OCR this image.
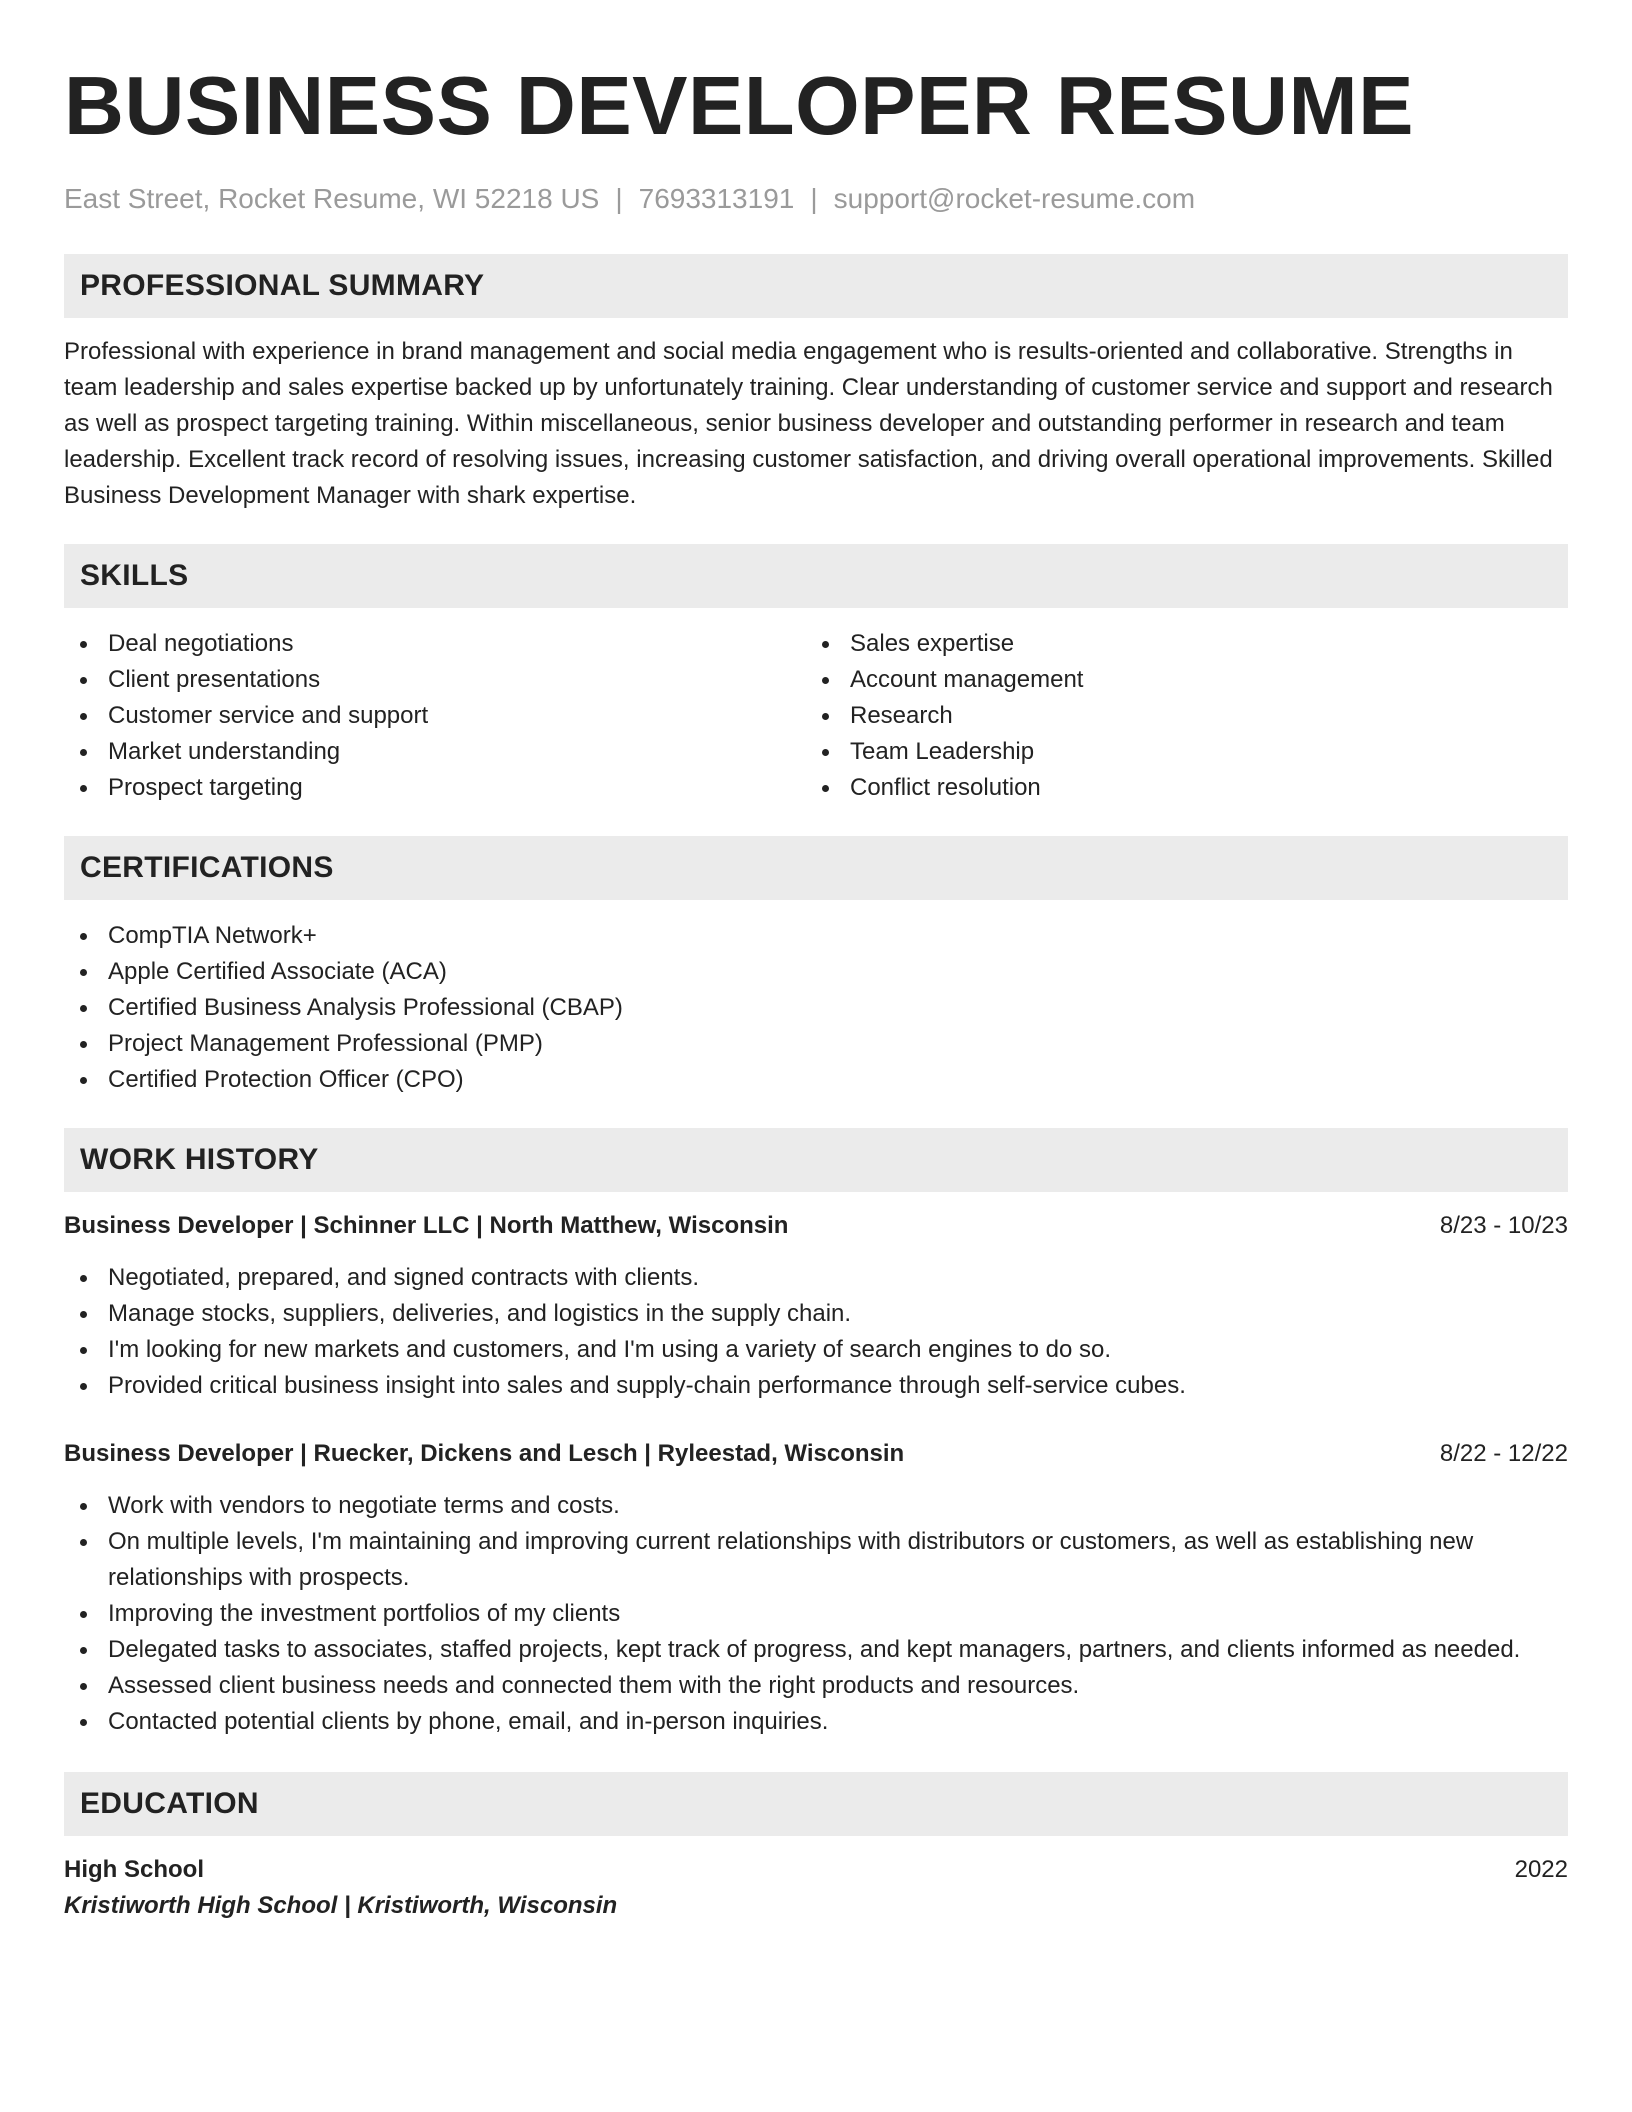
BUSINESS DEVELOPER RESUME
East Street, Rocket Resume, WI 52218 US | 7693313191 | support@rocket-resume.com
PROFESSIONAL SUMMARY

Professional with experience in brand management and social media engagement who is results-oriented and collaborative. Strengths in team leadership and sales expertise backed up by unfortunately training. Clear understanding of customer service and support and research as well as prospect targeting training. Within miscellaneous, senior business developer and outstanding performer in research and team leadership. Excellent track record of resolving issues, increasing customer satisfaction, and driving overall operational improvements. Skilled Business Development Manager with shark expertise.

SKILLS
Deal negotiations
Client presentations
Customer service and support
Market understanding
Prospect targeting
Sales expertise
Account management
Research
Team Leadership
Conflict resolution
CERTIFICATIONS
CompTIA Network+
Apple Certified Associate (ACA)
Certified Business Analysis Professional (CBAP)
Project Management Professional (PMP)
Certified Protection Officer (CPO)
WORK HISTORY
Business Developer | Schinner LLC | North Matthew, Wisconsin	8/23 - 10/23
Negotiated, prepared, and signed contracts with clients.
Manage stocks, suppliers, deliveries, and logistics in the supply chain.
I'm looking for new markets and customers, and I'm using a variety of search engines to do so.
Provided critical business insight into sales and supply-chain performance through self-service cubes.
Business Developer | Ruecker, Dickens and Lesch | Ryleestad, Wisconsin	8/22 - 12/22
Work with vendors to negotiate terms and costs.
On multiple levels, I'm maintaining and improving current relationships with distributors or customers, as well as establishing new relationships with prospects.
Improving the investment portfolios of my clients
Delegated tasks to associates, staffed projects, kept track of progress, and kept managers, partners, and clients informed as needed.
Assessed client business needs and connected them with the right products and resources.
Contacted potential clients by phone, email, and in-person inquiries.
EDUCATION
High School	2022
Kristiworth High School | Kristiworth, Wisconsin
